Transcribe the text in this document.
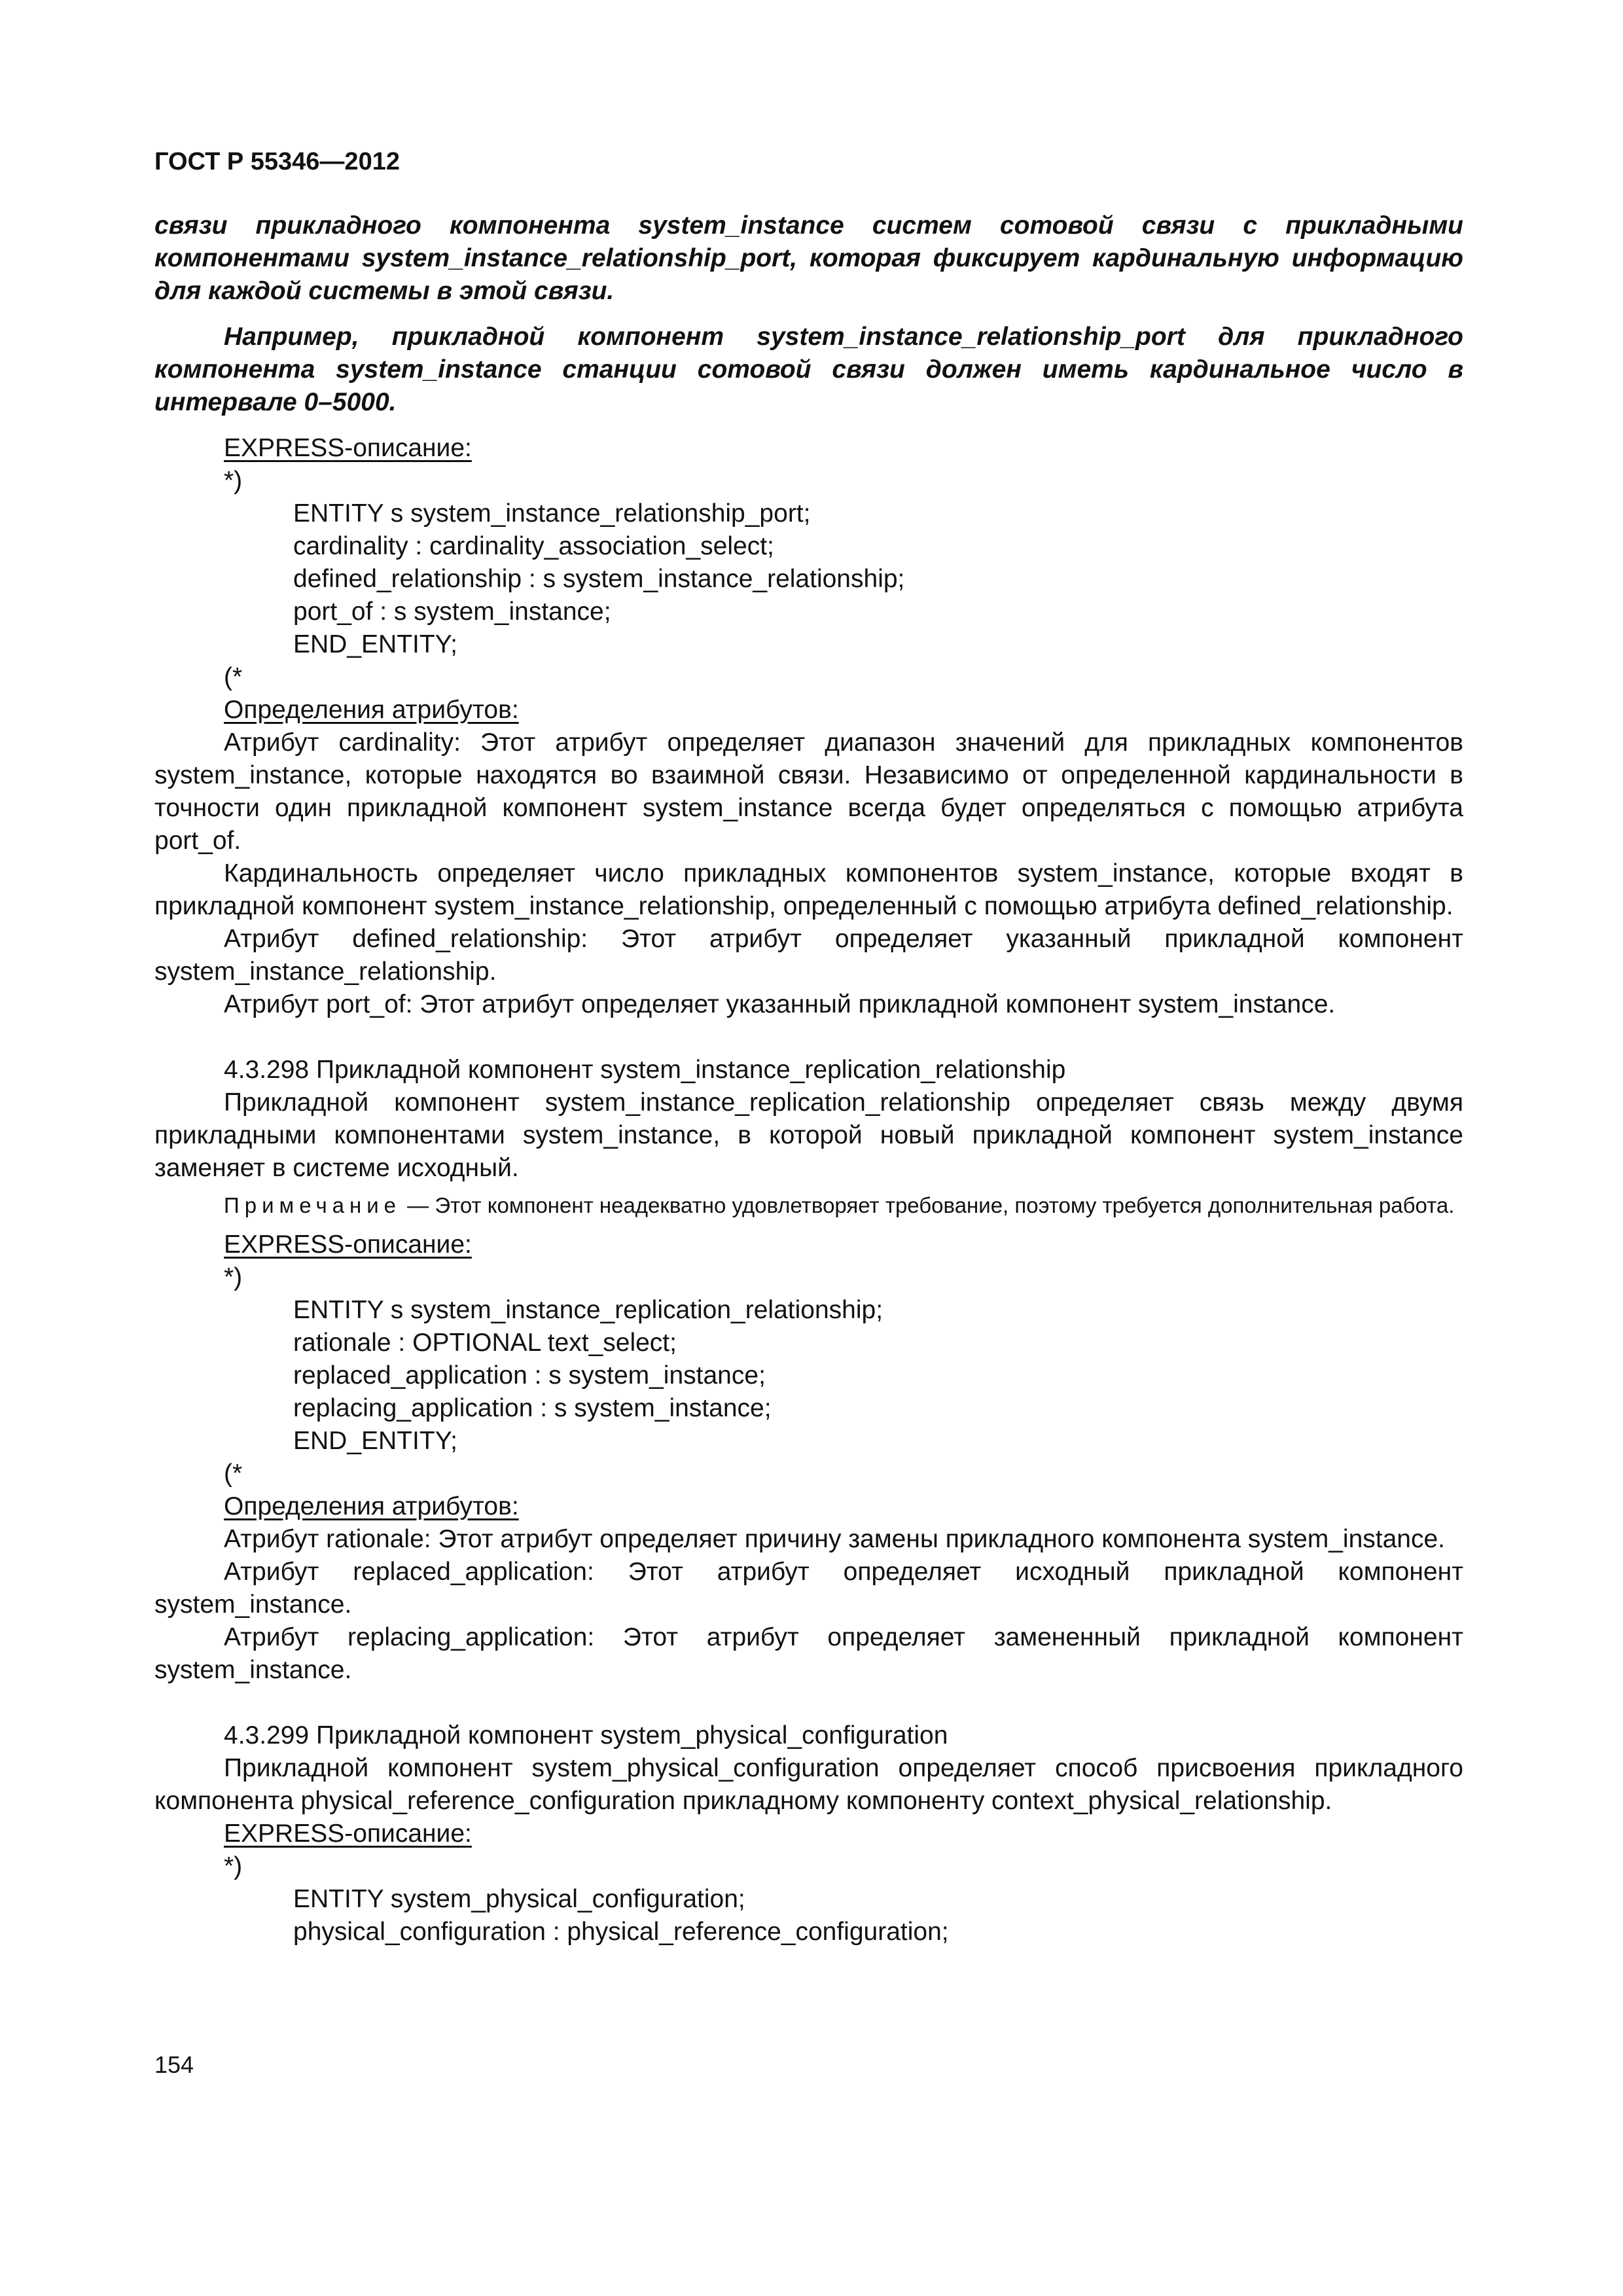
ГОСТ Р 55346—2012

связи прикладного компонента system_instance систем сотовой связи с прикладными компонентами system_instance_relationship_port, которая фиксирует кардинальную информацию для каждой системы в этой связи.

Например, прикладной компонент system_instance_relationship_port для прикладного компонента system_instance станции сотовой связи должен иметь кардинальное число в интервале 0–5000.

EXPRESS-описание:

*)

ENTITY s system_instance_relationship_port;

cardinality : cardinality_association_select;

defined_relationship : s system_instance_relationship;

port_of : s system_instance;

END_ENTITY;

(*

Определения атрибутов:

Атрибут cardinality: Этот атрибут определяет диапазон значений для прикладных компонентов system_instance, которые находятся во взаимной связи. Независимо от определенной кардинальности в точности один прикладной компонент system_instance всегда будет определяться с помощью атрибута port_of.

Кардинальность определяет число прикладных компонентов system_instance, которые входят в прикладной компонент system_instance_relationship, определенный с помощью атрибута defined_relationship.

Атрибут defined_relationship: Этот атрибут определяет указанный прикладной компонент system_instance_relationship.

Атрибут port_of: Этот атрибут определяет указанный прикладной компонент system_instance.

4.3.298 Прикладной компонент system_instance_replication_relationship

Прикладной компонент system_instance_replication_relationship определяет связь между двумя прикладными компонентами system_instance, в которой новый прикладной компонент system_instance заменяет в системе исходный.

Примечание — Этот компонент неадекватно удовлетворяет требование, поэтому требуется дополнительная работа.

EXPRESS-описание:

*)

ENTITY s system_instance_replication_relationship;

rationale : OPTIONAL text_select;

replaced_application : s system_instance;

replacing_application : s system_instance;

END_ENTITY;

(*

Определения атрибутов:

Атрибут rationale: Этот атрибут определяет причину замены прикладного компонента system_instance.

Атрибут replaced_application: Этот атрибут определяет исходный прикладной компонент system_instance.

Атрибут replacing_application: Этот атрибут определяет замененный прикладной компонент system_instance.

4.3.299 Прикладной компонент system_physical_configuration

Прикладной компонент system_physical_configuration определяет способ присвоения прикладного компонента physical_reference_configuration прикладному компоненту context_physical_relationship.

EXPRESS-описание:

*)

ENTITY system_physical_configuration;

physical_configuration : physical_reference_configuration;

154
